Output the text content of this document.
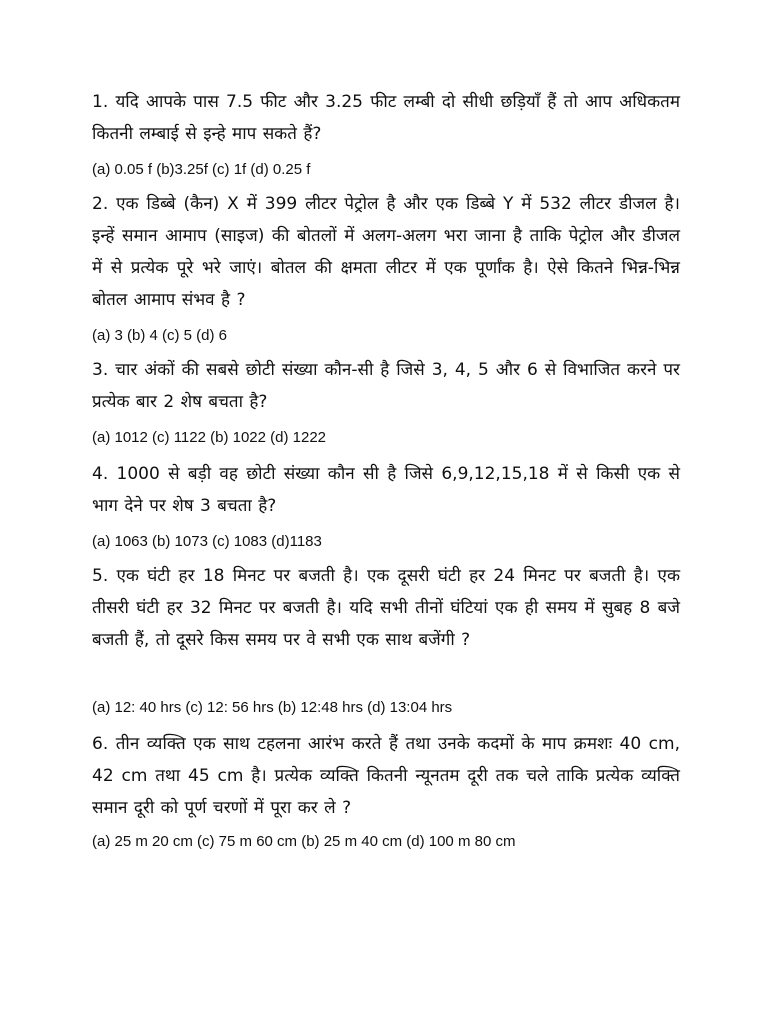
1. यदि आपके पास 7.5 फीट और 3.25 फीट लम्बी दो सीधी छड़ियाँ हैं तो आप अधिकतम कितनी लम्बाई से इन्हे माप सकते हैं?
(a) 0.05 f (b)3.25f (c) 1f (d) 0.25 f
2. एक डिब्बे (कैन) X में 399 लीटर पेट्रोल है और एक डिब्बे Y में 532 लीटर डीजल है। इन्हें समान आमाप (साइज) की बोतलों में अलग-अलग भरा जाना है ताकि पेट्रोल और डीजल में से प्रत्येक पूरे भरे जाएं। बोतल की क्षमता लीटर में एक पूर्णांक है। ऐसे कितने भिन्न-भिन्न बोतल आमाप संभव है ?
(a) 3 (b) 4 (c) 5 (d) 6
3. चार अंकों की सबसे छोटी संख्या कौन-सी है जिसे 3, 4, 5 और 6 से विभाजित करने पर प्रत्येक बार 2 शेष बचता है?
(a) 1012 (c) 1122 (b) 1022 (d) 1222
4. 1000 से बड़ी वह छोटी संख्या कौन सी है जिसे 6,9,12,15,18 में से किसी एक से भाग देने पर शेष 3 बचता है?
(a) 1063 (b) 1073 (c) 1083 (d)1183
5. एक घंटी हर 18 मिनट पर बजती है। एक दूसरी घंटी हर 24 मिनट पर बजती है। एक तीसरी घंटी हर 32 मिनट पर बजती है। यदि सभी तीनों घंटियां एक ही समय में सुबह 8 बजे बजती हैं, तो दूसरे किस समय पर वे सभी एक साथ बजेंगी ?
(a) 12: 40 hrs (c) 12: 56 hrs (b) 12:48 hrs (d) 13:04 hrs
6. तीन व्यक्ति एक साथ टहलना आरंभ करते हैं तथा उनके कदमों के माप क्रमशः 40 cm, 42 cm तथा 45 cm है। प्रत्येक व्यक्ति कितनी न्यूनतम दूरी तक चले ताकि प्रत्येक व्यक्ति समान दूरी को पूर्ण चरणों में पूरा कर ले ?
(a) 25 m 20 cm (c) 75 m 60 cm (b) 25 m 40 cm (d) 100 m 80 cm
